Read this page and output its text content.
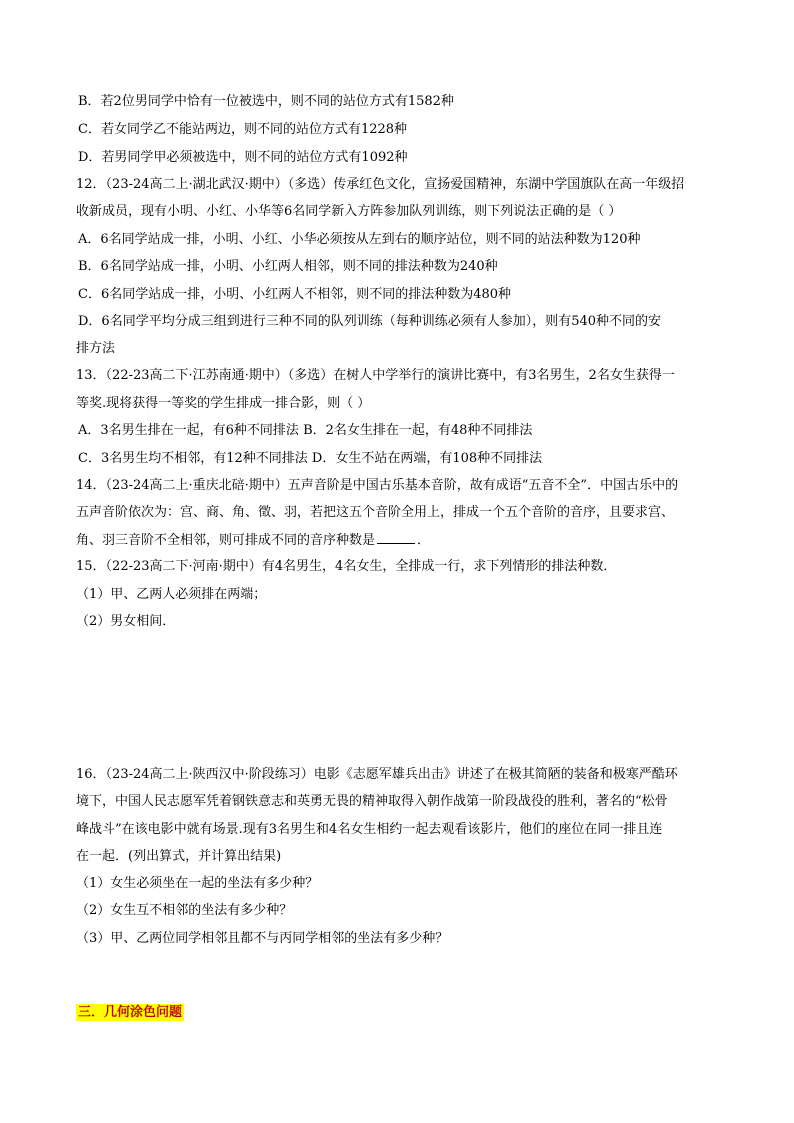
B．若2位男同学中恰有一位被选中，则不同的站位方式有1582种
C．若女同学乙不能站两边，则不同的站位方式有1228种
D．若男同学甲必须被选中，则不同的站位方式有1092种
12．（23-24高二上·湖北武汉·期中）（多选）传承红色文化，宣扬爱国精神，东湖中学国旗队在高一年级招
收新成员，现有小明、小红、小华等6名同学新入方阵参加队列训练，则下列说法正确的是（ ）
A．6名同学站成一排，小明、小红、小华必须按从左到右的顺序站位，则不同的站法种数为120种
B．6名同学站成一排，小明、小红两人相邻，则不同的排法种数为240种
C．6名同学站成一排，小明、小红两人不相邻，则不同的排法种数为480种
D．6名同学平均分成三组到进行三种不同的队列训练（每种训练必须有人参加），则有540种不同的安
排方法
13．（22-23高二下·江苏南通·期中）（多选）在树人中学举行的演讲比赛中，有3名男生，2名女生获得一
等奖.现将获得一等奖的学生排成一排合影，则（ ）
A．3名男生排在一起，有6种不同排法 B．2名女生排在一起，有48种不同排法
C．3名男生均不相邻，有12种不同排法 D．女生不站在两端，有108种不同排法
14．（23-24高二上·重庆北碚·期中）五声音阶是中国古乐基本音阶，故有成语“五音不全”．中国古乐中的
五声音阶依次为：宫、商、角、徵、羽，若把这五个音阶全用上，排成一个五个音阶的音序，且要求宫、
角、羽三音阶不全相邻，则可排成不同的音序种数是	．
15．（22-23高二下·河南·期中）有4名男生，4名女生，全排成一行，求下列情形的排法种数．
（1）甲、乙两人必须排在两端；
（2）男女相间．
16．（23-24高二上·陕西汉中·阶段练习）电影《志愿军雄兵出击》讲述了在极其简陋的装备和极寒严酷环
境下，中国人民志愿军凭着钢铁意志和英勇无畏的精神取得入朝作战第一阶段战役的胜利，著名的“松骨
峰战斗”在该电影中就有场景.现有3名男生和4名女生相约一起去观看该影片，他们的座位在同一排且连
在一起．(列出算式，并计算出结果)
（1）女生必须坐在一起的坐法有多少种？
（2）女生互不相邻的坐法有多少种？
（3）甲、乙两位同学相邻且都不与丙同学相邻的坐法有多少种？
三．几何涂色问题
